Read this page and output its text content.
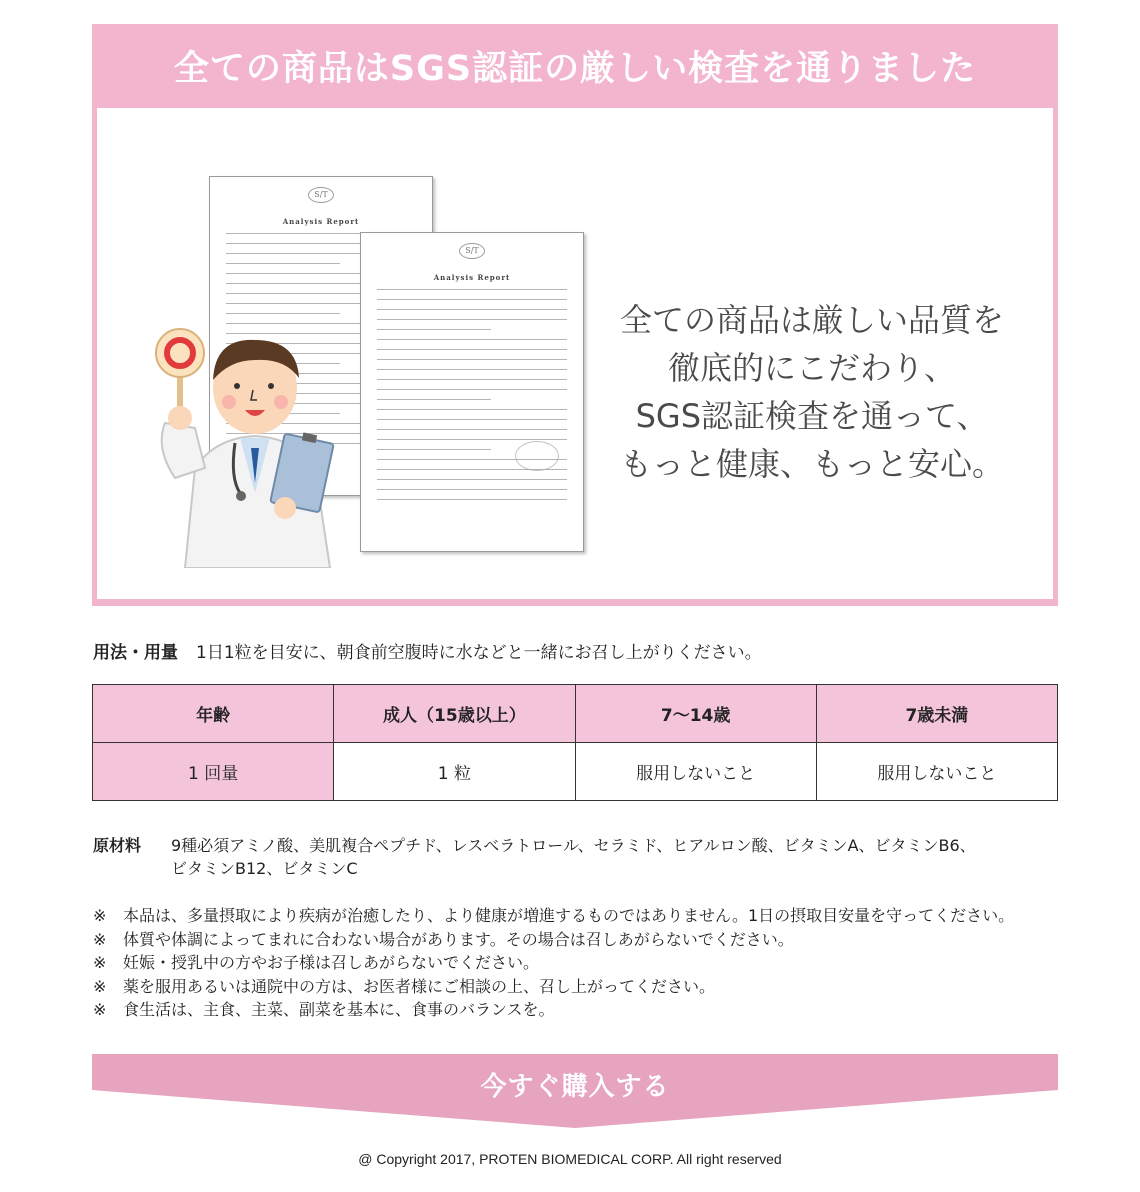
全ての商品はSGS認証の厳しい検査を通りました
S/T
Analysis Report
S/T
Analysis Report
全ての商品は厳しい品質を
徹底的にこだわり、
SGS認証検査を通って、
もっと健康、もっと安心。

用法・用量 1日1粒を目安に、朝食前空腹時に水などと一緒にお召し上がりください。

年齢	成人（15歳以上）	7〜14歳	7歳未満
1 回量	1 粒	服用しないこと	服用しないこと
原材料	9種必須アミノ酸、美肌複合ペプチド、レスベラトロール、セラミド、ヒアルロン酸、ビタミンA、ビタミンB6、
ビタミンB12、ビタミンC
※ 本品は、多量摂取により疾病が治癒したり、より健康が増進するものではありません。1日の摂取目安量を守ってください。
※ 体質や体調によってまれに合わない場合があります。その場合は召しあがらないでください。
※ 妊娠・授乳中の方やお子様は召しあがらないでください。
※ 薬を服用あるいは通院中の方は、お医者様にご相談の上、召し上がってください。
※ 食生活は、主食、主菜、副菜を基本に、食事のバランスを。
今すぐ購入する

@ Copyright 2017, PROTEN BIOMEDICAL CORP. All right reserved
